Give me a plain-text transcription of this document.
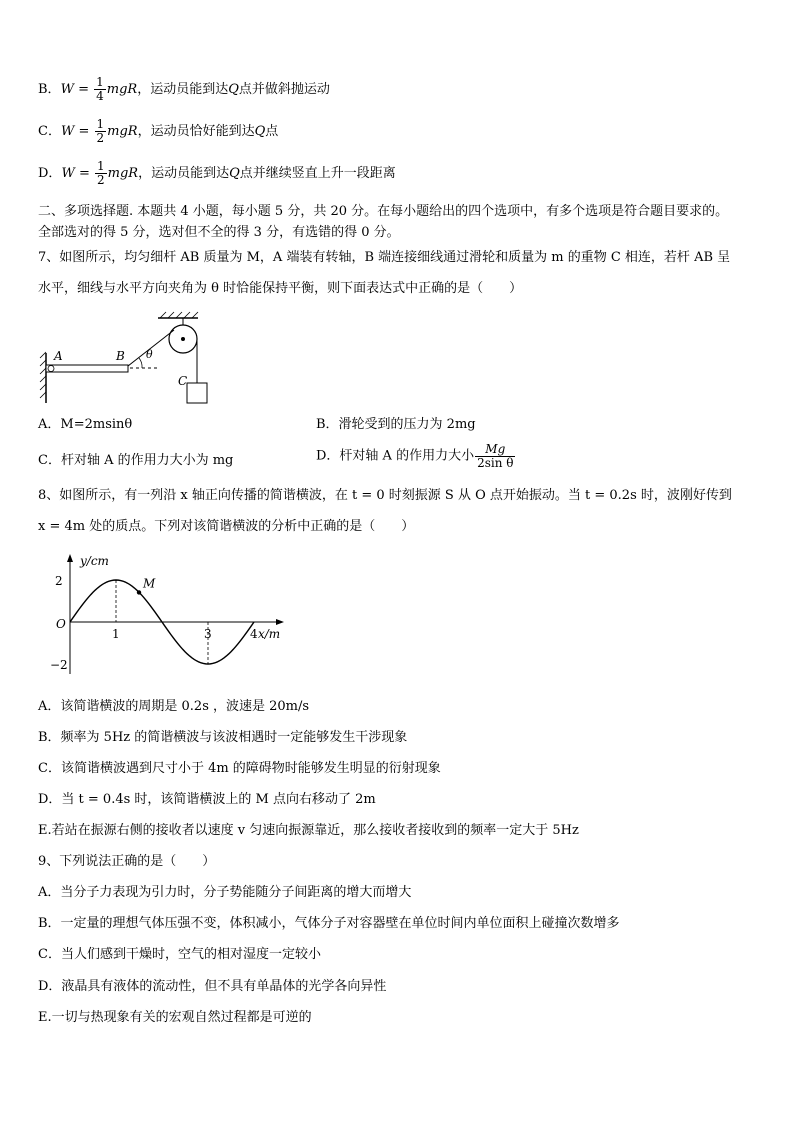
B．$W = \frac{1}{4}$ mgR，运动员能到达Q点并做斜抛运动
C．$W = \frac{1}{2}$ mgR，运动员恰好能到达Q点
D．$W = \frac{1}{2}$ mgR，运动员能到达Q点并继续竖直上升一段距离
二、多项选择题. 本题共 4 小题，每小题 5 分，共 20 分。在每小题给出的四个选项中，有多个选项是符合题目要求的。
全部选对的得 5 分，选对但不全的得 3 分，有选错的得 0 分。
7、如图所示，均匀细杆 AB 质量为 M，A 端装有转轴，B 端连接细线通过滑轮和质量为 m 的重物 C 相连，若杆 AB 呈
水平，细线与水平方向夹角为 θ 时恰能保持平衡，则下面表达式中正确的是（　　）
A	B θ
C
A．M=2msinθ	B．滑轮受到的压力为 2mg
C．杆对轴 A 的作用力大小为 mg	D．杆对轴 A 的作用力大小 $\frac{Mg}{\text{2sin θ}}$
8、如图所示，有一列沿 x 轴正向传播的简谐横波，在 t = 0 时刻振源 S 从 O 点开始振动。当 t = 0.2s 时，波刚好传到
x = 4m 处的质点。下列对该简谐横波的分析中正确的是（　　）
M
y/cm
x/m
O
1	3	4
2
−2
A．该简谐横波的周期是 0.2s ，波速是 20m/s
B．频率为 5Hz 的简谐横波与该波相遇时一定能够发生干涉现象
C．该简谐横波遇到尺寸小于 4m 的障碍物时能够发生明显的衍射现象
D．当 t = 0.4s 时，该简谐横波上的 M 点向右移动了 2m
E.若站在振源右侧的接收者以速度 v 匀速向振源靠近，那么接收者接收到的频率一定大于 5Hz
9、下列说法正确的是（　　）
A．当分子力表现为引力时，分子势能随分子间距离的增大而增大
B．一定量的理想气体压强不变，体积减小，气体分子对容器壁在单位时间内单位面积上碰撞次数增多
C．当人们感到干燥时，空气的相对湿度一定较小
D．液晶具有液体的流动性，但不具有单晶体的光学各向异性
E.一切与热现象有关的宏观自然过程都是可逆的
